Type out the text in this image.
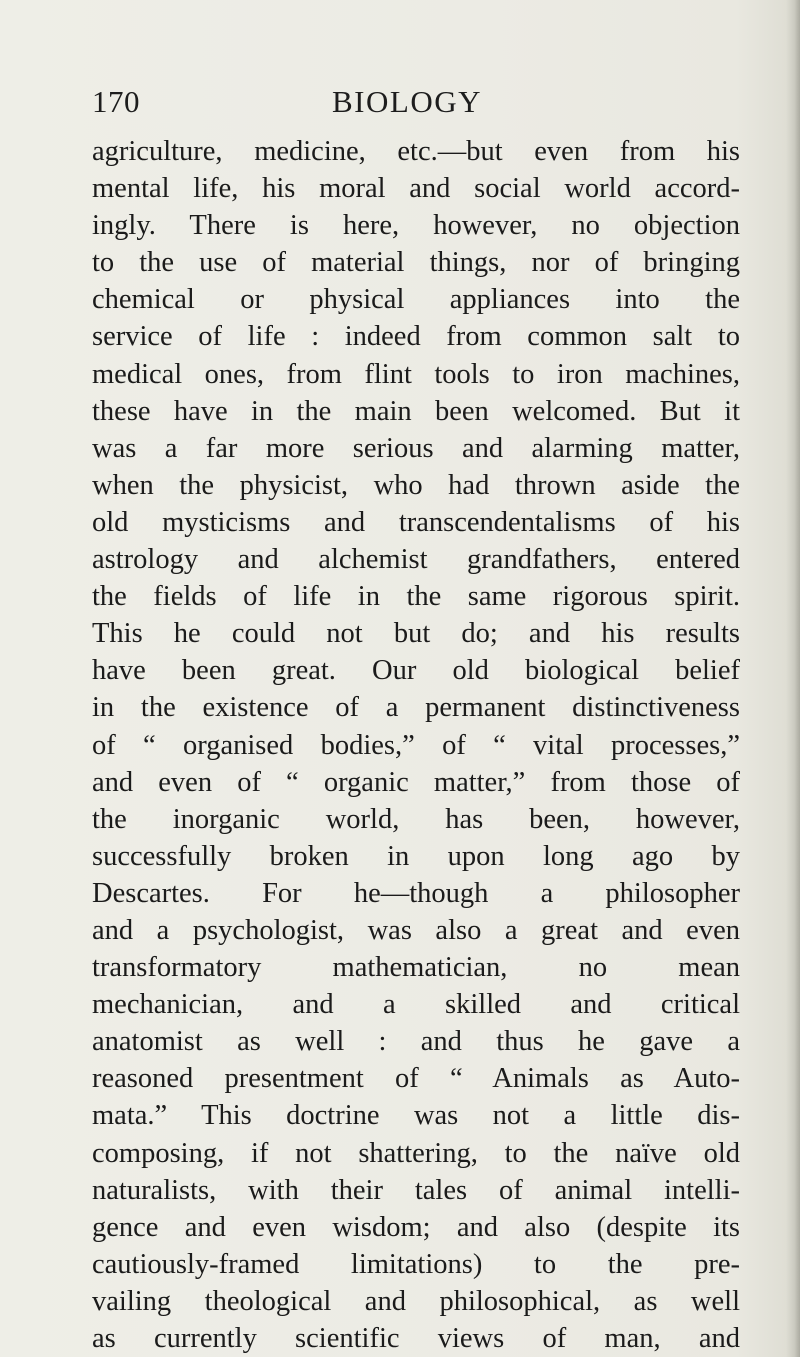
170	BIOLOGY
agriculture, medicine, etc.—but even from his
mental life, his moral and social world accord-
ingly. There is here, however, no objection
to the use of material things, nor of bringing
chemical or physical appliances into the
service of life : indeed from common salt to
medical ones, from flint tools to iron machines,
these have in the main been welcomed. But it
was a far more serious and alarming matter,
when the physicist, who had thrown aside the
old mysticisms and transcendentalisms of his
astrology and alchemist grandfathers, entered
the fields of life in the same rigorous spirit.
This he could not but do; and his results
have been great. Our old biological belief
in the existence of a permanent distinctiveness
of “ organised bodies,” of “ vital processes,”
and even of “ organic matter,” from those of
the inorganic world, has been, however,
successfully broken in upon long ago by
Descartes. For he—though a philosopher
and a psychologist, was also a great and even
transformatory mathematician, no mean
mechanician, and a skilled and critical
anatomist as well : and thus he gave a
reasoned presentment of “ Animals as Auto-
mata.” This doctrine was not a little dis-
composing, if not shattering, to the naïve old
naturalists, with their tales of animal intelli-
gence and even wisdom; and also (despite its
cautiously-framed limitations) to the pre-
vailing theological and philosophical, as well
as currently scientific views of man, and
